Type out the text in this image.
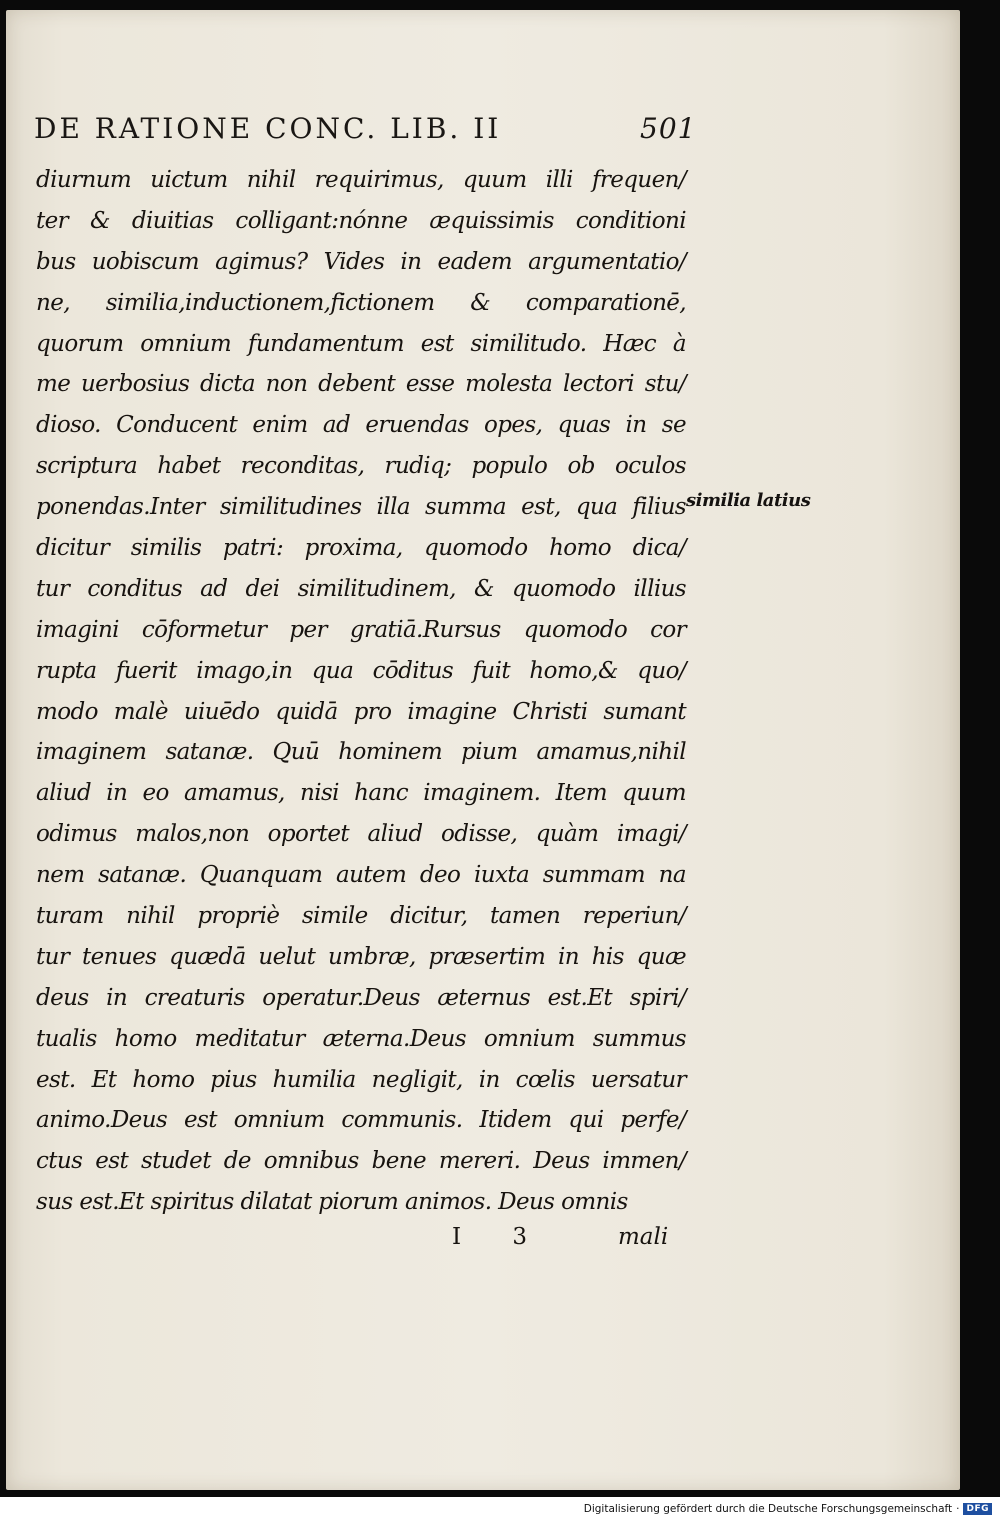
DE RATIONE CONC. LIB. II	501
diurnum uictum nihil requirimus, quum illi frequen/
ter & diuitias colligant:nónne æquissimis conditioni
bus uobiscum agimus? Vides in eadem argumentatio/
ne, similia,inductionem,fictionem & comparationē,
quorum omnium fundamentum est similitudo. Hæc à
me uerbosius dicta non debent esse molesta lectori stu/
dioso. Conducent enim ad eruendas opes, quas in se
scriptura habet reconditas, rudiq; populo ob oculos
ponendas.Inter similitudines illa summa est, qua filius
dicitur similis patri: proxima, quomodo homo dica/
tur conditus ad dei similitudinem, & quomodo illius
imagini cōformetur per gratiā.Rursus quomodo cor
rupta fuerit imago,in qua cōditus fuit homo,& quo/
modo malè uiuēdo quidā pro imagine Christi sumant
imaginem satanæ. Quū hominem pium amamus,nihil
aliud in eo amamus, nisi hanc imaginem. Item quum
odimus malos,non oportet aliud odisse, quàm imagi/
nem satanæ. Quanquam autem deo iuxta summam na
turam nihil propriè simile dicitur, tamen reperiun/
tur tenues quædā uelut umbræ, præsertim in his quæ
deus in creaturis operatur.Deus æternus est.Et spiri/
tualis homo meditatur æterna.Deus omnium summus
est. Et homo pius humilia negligit, in cœlis uersatur
animo.Deus est omnium communis. Itidem qui perfe/
ctus est studet de omnibus bene mereri. Deus immen/
sus est.Et spiritus dilatat piorum animos. Deus omnis
similia latius
I 3	mali
Digitalisierung gefördert durch die Deutsche Forschungsgemeinschaft · DFG
